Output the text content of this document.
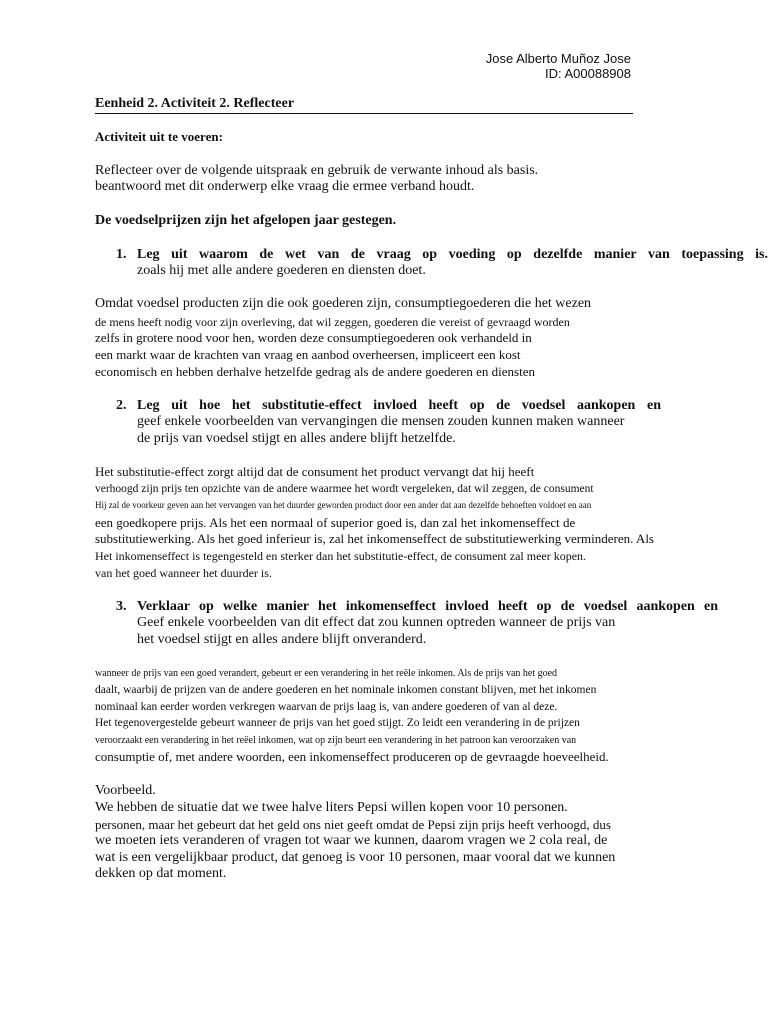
Jose Alberto Muñoz Jose
ID: A00088908
Eenheid 2. Activiteit 2. Reflecteer
Activiteit uit te voeren:
Reflecteer over de volgende uitspraak en gebruik de verwante inhoud als basis.
beantwoord met dit onderwerp elke vraag die ermee verband houdt.
De voedselprijzen zijn het afgelopen jaar gestegen.
1. Leg uit waarom de wet van de vraag op voeding op dezelfde manier van toepassing is.
zoals hij met alle andere goederen en diensten doet.
Omdat voedsel producten zijn die ook goederen zijn, consumptiegoederen die het wezen
de mens heeft nodig voor zijn overleving, dat wil zeggen, goederen die vereist of gevraagd worden
zelfs in grotere nood voor hen, worden deze consumptiegoederen ook verhandeld in
een markt waar de krachten van vraag en aanbod overheersen, impliceert een kost
economisch en hebben derhalve hetzelfde gedrag als de andere goederen en diensten
2. Leg uit hoe het substitutie-effect invloed heeft op de voedsel aankopen en
geef enkele voorbeelden van vervangingen die mensen zouden kunnen maken wanneer
de prijs van voedsel stijgt en alles andere blijft hetzelfde.
Het substitutie-effect zorgt altijd dat de consument het product vervangt dat hij heeft
verhoogd zijn prijs ten opzichte van de andere waarmee het wordt vergeleken, dat wil zeggen, de consument
Hij zal de voorkeur geven aan het vervangen van het duurder geworden product door een ander dat aan dezelfde behoeften voldoet en aan
een goedkopere prijs. Als het een normaal of superior goed is, dan zal het inkomenseffect de
substitutiewerking. Als het goed inferieur is, zal het inkomenseffect de substitutiewerking verminderen. Als
Het inkomenseffect is tegengesteld en sterker dan het substitutie-effect, de consument zal meer kopen.
van het goed wanneer het duurder is.
3. Verklaar op welke manier het inkomenseffect invloed heeft op de voedsel aankopen en
Geef enkele voorbeelden van dit effect dat zou kunnen optreden wanneer de prijs van
het voedsel stijgt en alles andere blijft onveranderd.
wanneer de prijs van een goed verandert, gebeurt er een verandering in het reële inkomen. Als de prijs van het goed
daalt, waarbij de prijzen van de andere goederen en het nominale inkomen constant blijven, met het inkomen
nominaal kan eerder worden verkregen waarvan de prijs laag is, van andere goederen of van al deze.
Het tegenovergestelde gebeurt wanneer de prijs van het goed stijgt. Zo leidt een verandering in de prijzen
veroorzaakt een verandering in het reëel inkomen, wat op zijn beurt een verandering in het patroon kan veroorzaken van
consumptie of, met andere woorden, een inkomenseffect produceren op de gevraagde hoeveelheid.
Voorbeeld.
We hebben de situatie dat we twee halve liters Pepsi willen kopen voor 10 personen.
personen, maar het gebeurt dat het geld ons niet geeft omdat de Pepsi zijn prijs heeft verhoogd, dus
we moeten iets veranderen of vragen tot waar we kunnen, daarom vragen we 2 cola real, de
wat is een vergelijkbaar product, dat genoeg is voor 10 personen, maar vooral dat we kunnen
dekken op dat moment.
